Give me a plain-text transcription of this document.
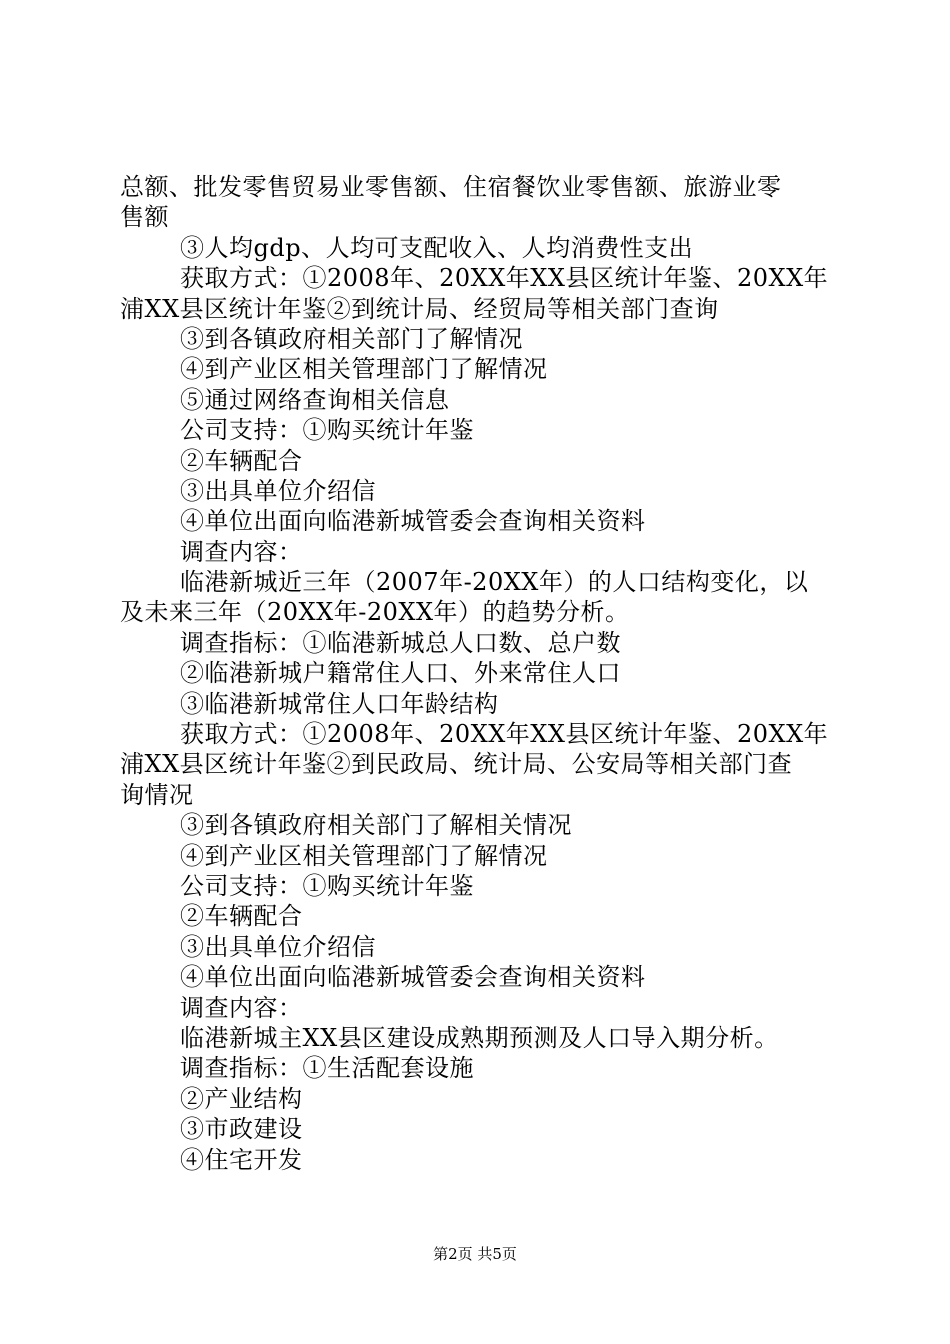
总额、批发零售贸易业零售额、住宿餐饮业零售额、旅游业零
售额
③人均gdp、人均可支配收入、人均消费性支出
获取方式：①2008年、20XX年XX县区统计年鉴、20XX年
浦XX县区统计年鉴②到统计局、经贸局等相关部门查询
③到各镇政府相关部门了解情况
④到产业区相关管理部门了解情况
⑤通过网络查询相关信息
公司支持：①购买统计年鉴
②车辆配合
③出具单位介绍信
④单位出面向临港新城管委会查询相关资料
调查内容：
临港新城近三年（2007年-20XX年）的人口结构变化，以
及未来三年（20XX年-20XX年）的趋势分析。
调查指标：①临港新城总人口数、总户数
②临港新城户籍常住人口、外来常住人口
③临港新城常住人口年龄结构
获取方式：①2008年、20XX年XX县区统计年鉴、20XX年
浦XX县区统计年鉴②到民政局、统计局、公安局等相关部门查
询情况
③到各镇政府相关部门了解相关情况
④到产业区相关管理部门了解情况
公司支持：①购买统计年鉴
②车辆配合
③出具单位介绍信
④单位出面向临港新城管委会查询相关资料
调查内容：
临港新城主XX县区建设成熟期预测及人口导入期分析。
调查指标：①生活配套设施
②产业结构
③市政建设
④住宅开发
第2页 共5页
